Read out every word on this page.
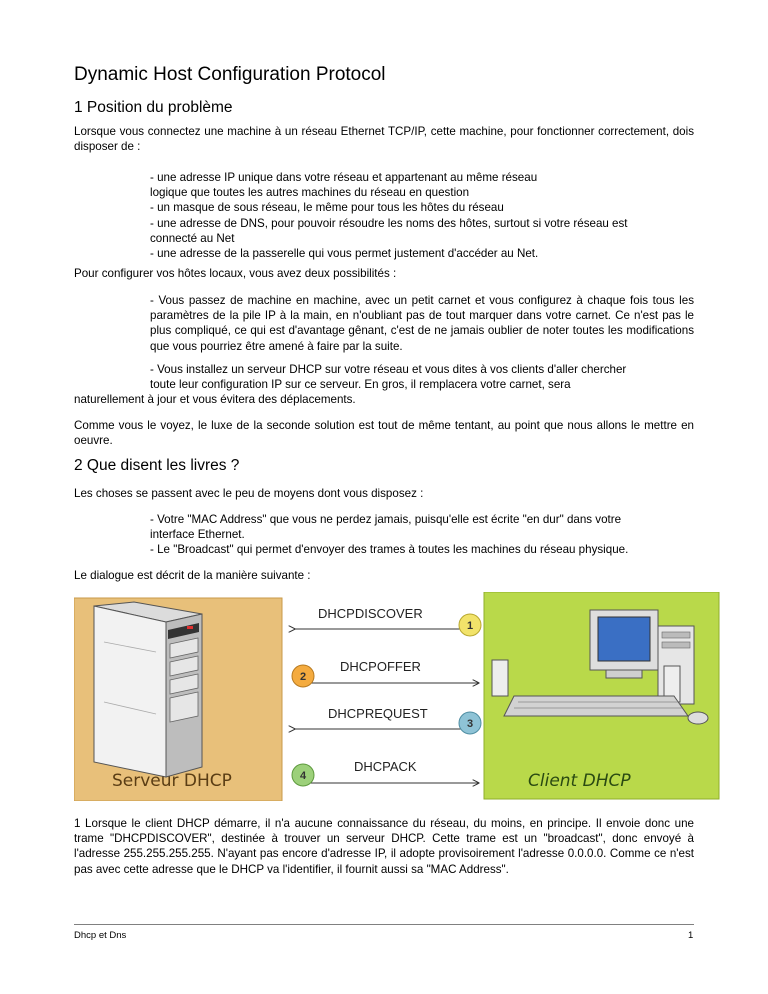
Dynamic Host Configuration Protocol
1 Position du problème

Lorsque vous connectez une machine à un réseau Ethernet TCP/IP, cette machine, pour fonctionner correctement, dois disposer de :

- une adresse IP unique dans votre réseau et appartenant au même réseau
logique que toutes les autres machines du réseau en question
- un masque de sous réseau, le même pour tous les hôtes du réseau
- une adresse de DNS, pour pouvoir résoudre les noms des hôtes, surtout si votre réseau est
connecté au Net
- une adresse de la passerelle qui vous permet justement d'accéder au Net.

Pour configurer vos hôtes locaux, vous avez deux possibilités :

- Vous passez de machine en machine, avec un petit carnet et vous configurez à chaque fois tous les paramètres de la pile IP à la main, en n'oubliant pas de tout marquer dans votre carnet. Ce n'est pas le plus compliqué, ce qui est d'avantage gênant, c'est de ne jamais oublier de noter toutes les modifications que vous pourriez être amené à faire par la suite.

- Vous installez un serveur DHCP sur votre réseau et vous dites à vos clients d'aller chercher
toute leur configuration IP sur ce serveur. En gros, il remplacera votre carnet, sera

naturellement à jour et vous évitera des déplacements.

Comme vous le voyez, le luxe de la seconde solution est tout de même tentant, au point que nous allons le mettre en oeuvre.

2 Que disent les livres ?

Les choses se passent avec le peu de moyens dont vous disposez :

- Votre "MAC Address" que vous ne perdez jamais, puisqu'elle est écrite "en dur" dans votre
interface Ethernet.
- Le "Broadcast" qui permet d'envoyer des trames à toutes les machines du réseau physique.

Le dialogue est décrit de la manière suivante :

DHCPDISCOVER
DHCPOFFER
DHCPREQUEST
DHCPACK
1
2
3
4
Serveur DHCP	Client DHCP

1 Lorsque le client DHCP démarre, il n'a aucune connaissance du réseau, du moins, en principe. Il envoie donc une trame "DHCPDISCOVER", destinée à trouver un serveur DHCP. Cette trame est un "broadcast", donc envoyé à l'adresse 255.255.255.255. N'ayant pas encore d'adresse IP, il adopte provisoirement l'adresse 0.0.0.0. Comme ce n'est pas avec cette adresse que le DHCP va l'identifier, il fournit aussi sa "MAC Address".

Dhcp et Dns	1
